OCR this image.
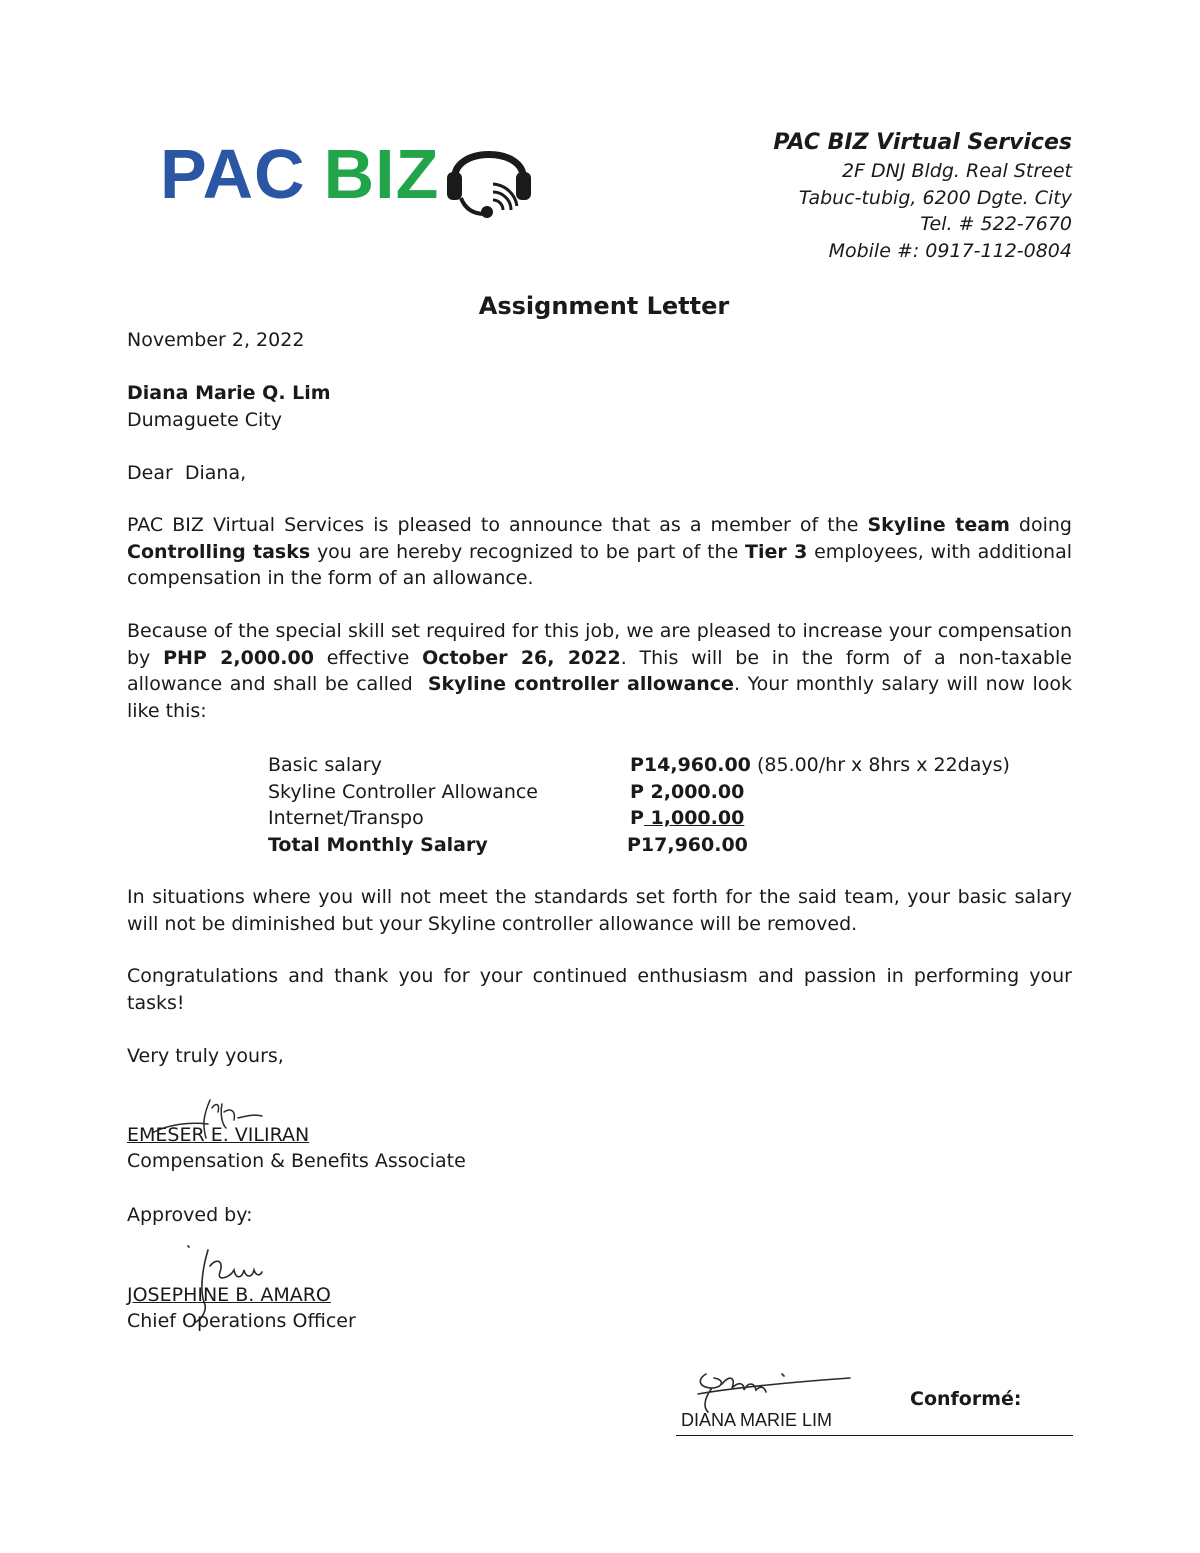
PAC BIZ	PAC BIZ Virtual Services
2F DNJ Bldg. Real Street
Tabuc-tubig, 6200 Dgte. City
Tel. # 522-7670
Mobile #: 0917-112-0804
Assignment Letter
November 2, 2022
Diana Marie Q. Lim
Dumaguete City
Dear  Diana,
PAC BIZ Virtual Services is pleased to announce that as a member of the Skyline team doing Controlling tasks you are hereby recognized to be part of the Tier 3 employees, with additional compensation in the form of an allowance.
Because of the special skill set required for this job, we are pleased to increase your compensation by PHP 2,000.00 effective October 26, 2022. This will be in the form of a non-taxable allowance and shall be called  Skyline controller allowance. Your monthly salary will now look like this:
Basic salary	P14,960.00 (85.00/hr x 8hrs x 22days)
Skyline Controller Allowance	P 2,000.00
Internet/Transpo	P 1,000.00
Total Monthly Salary	P17,960.00
In situations where you will not meet the standards set forth for the said team, your basic salary will not be diminished but your Skyline controller allowance will be removed.
Congratulations and thank you for your continued enthusiasm and passion in performing your tasks!
Very truly yours,
EMESER E. VILIRAN
Compensation & Benefits Associate
Approved by:
JOSEPHINE B. AMARO
Chief Operations Officer
DIANA MARIE LIM
Conformé:
